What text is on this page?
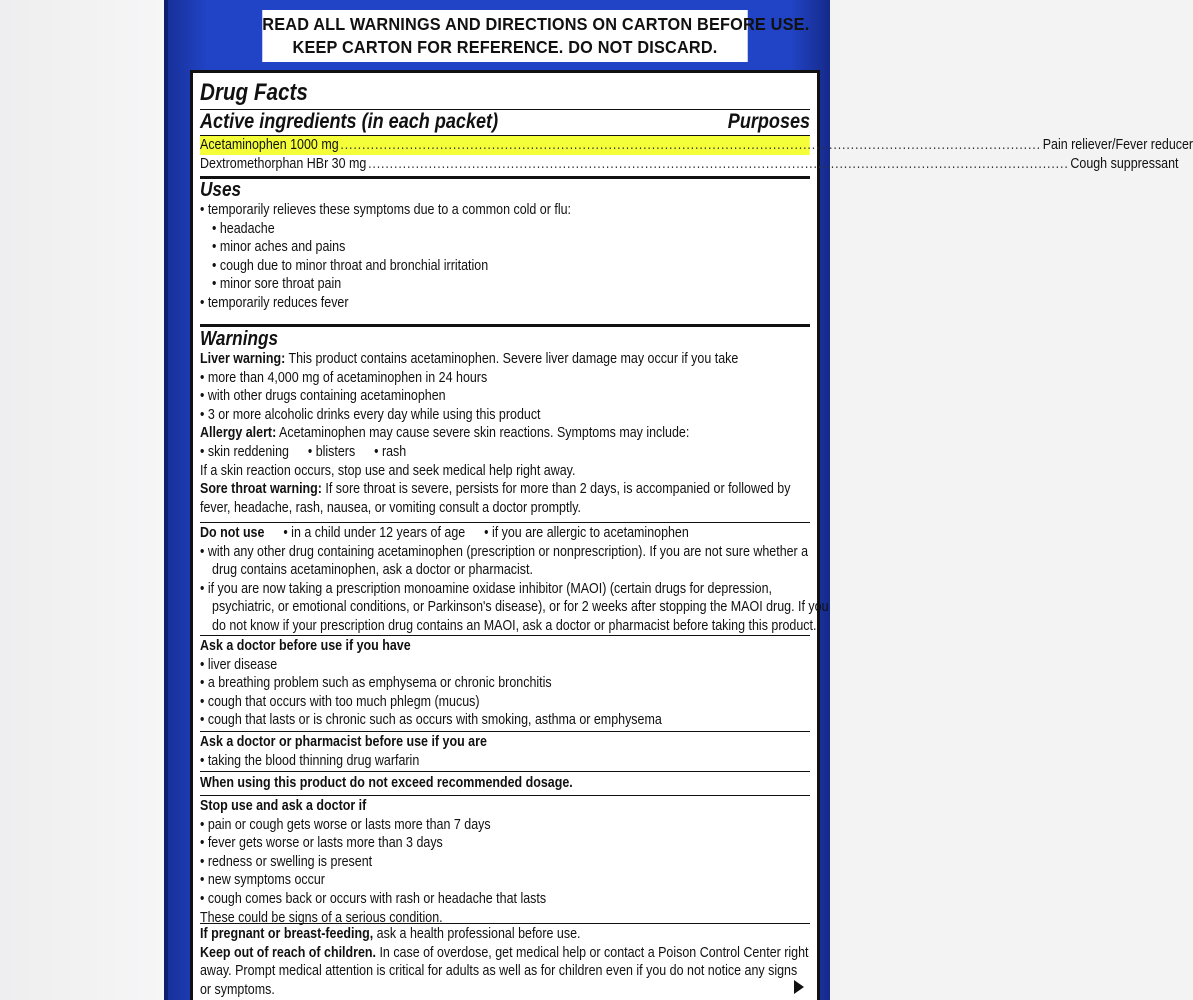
READ ALL WARNINGS AND DIRECTIONS ON CARTON BEFORE USE.
KEEP CARTON FOR REFERENCE. DO NOT DISCARD.
Drug Facts
Active ingredients (in each packet)	Purposes
Acetaminophen 1000 mg .................................................................................................................................................................. Pain reliever/Fever reducer
Dextromethorphan HBr 30 mg .................................................................................................................................................................. Cough suppressant
Uses
• temporarily relieves these symptoms due to a common cold or flu:
• headache
• minor aches and pains
• cough due to minor throat and bronchial irritation
• minor sore throat pain
• temporarily reduces fever
Warnings
Liver warning: This product contains acetaminophen. Severe liver damage may occur if you take
• more than 4,000 mg of acetaminophen in 24 hours
• with other drugs containing acetaminophen
• 3 or more alcoholic drinks every day while using this product
Allergy alert: Acetaminophen may cause severe skin reactions. Symptoms may include:
• skin reddening • blisters • rash
If a skin reaction occurs, stop use and seek medical help right away.
Sore throat warning: If sore throat is severe, persists for more than 2 days, is accompanied or followed by
fever, headache, rash, nausea, or vomiting consult a doctor promptly.
Do not use • in a child under 12 years of age • if you are allergic to acetaminophen
• with any other drug containing acetaminophen (prescription or nonprescription). If you are not sure whether a
drug contains acetaminophen, ask a doctor or pharmacist.
• if you are now taking a prescription monoamine oxidase inhibitor (MAOI) (certain drugs for depression,
psychiatric, or emotional conditions, or Parkinson's disease), or for 2 weeks after stopping the MAOI drug. If you
do not know if your prescription drug contains an MAOI, ask a doctor or pharmacist before taking this product.
Ask a doctor before use if you have
• liver disease
• a breathing problem such as emphysema or chronic bronchitis
• cough that occurs with too much phlegm (mucus)
• cough that lasts or is chronic such as occurs with smoking, asthma or emphysema
Ask a doctor or pharmacist before use if you are
• taking the blood thinning drug warfarin
When using this product do not exceed recommended dosage.
Stop use and ask a doctor if
• pain or cough gets worse or lasts more than 7 days
• fever gets worse or lasts more than 3 days
• redness or swelling is present
• new symptoms occur
• cough comes back or occurs with rash or headache that lasts
These could be signs of a serious condition.
If pregnant or breast-feeding, ask a health professional before use.
Keep out of reach of children. In case of overdose, get medical help or contact a Poison Control Center right
away. Prompt medical attention is critical for adults as well as for children even if you do not notice any signs
or symptoms.
